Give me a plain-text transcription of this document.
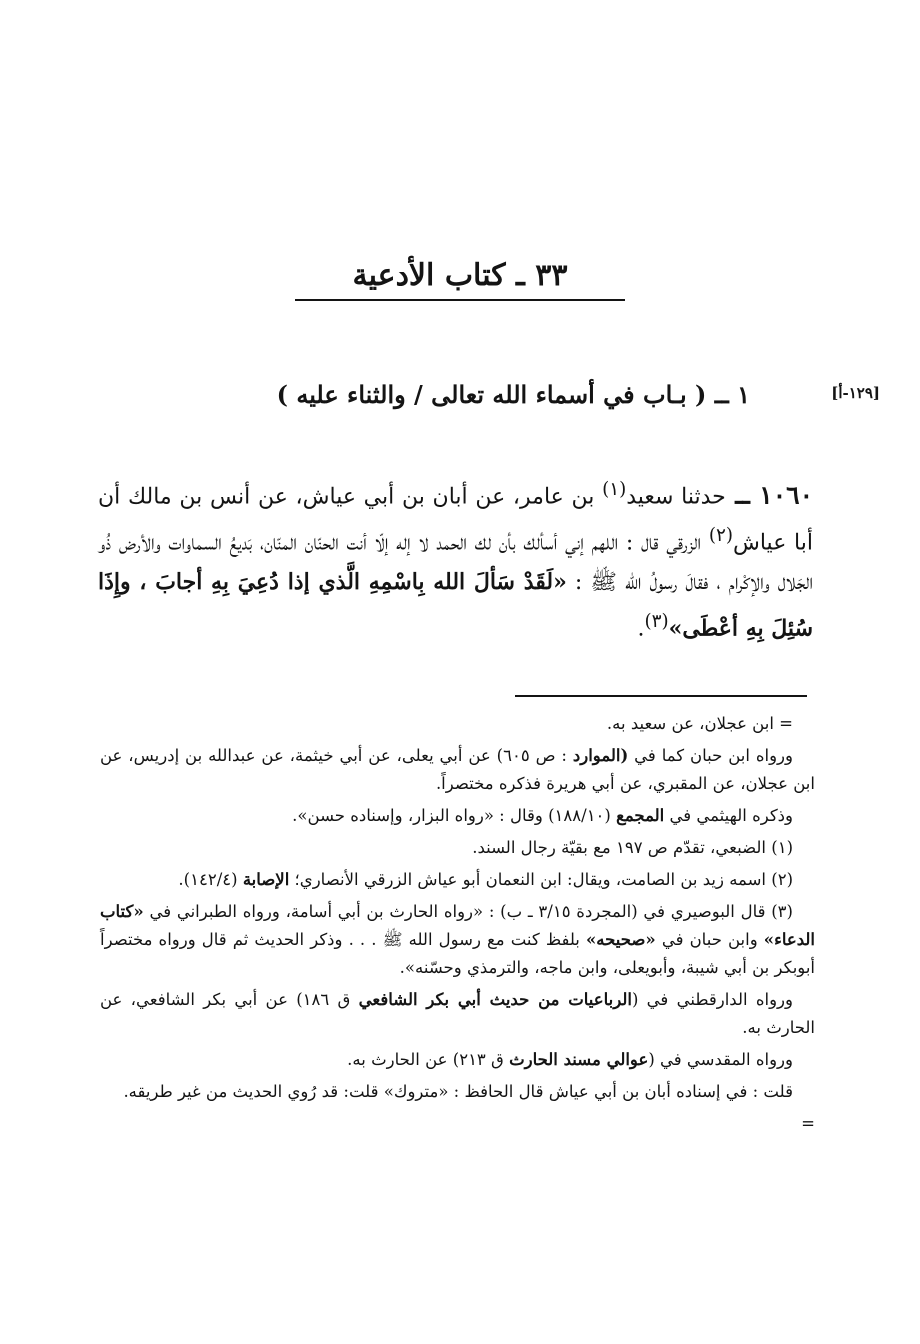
٣٣ ـ كتاب الأدعية
١ ــ ( بـاب في أسماء الله تعالى / والثناء عليه )	[١٢٩-أ]
١٠٦٠ ــ حدثنا سعيد$^{(١)}$ بن عامر، عن أبان بن أبي عياش، عن أنس بن مالك أن أبا عياش$^{(٢)}$ الزرقي قال : اللهم إني أسألك بأن لك الحمد لا إله إلّا أنت الحنّان المنّان، بَديعُ السماوات والأرض ذُو الجَلال والإكْرام ، فقالَ رسولُ الله ﷺ : «لَقَدْ سَألَ الله بِاسْمِهِ الَّذي إذا دُعِيَ بِهِ أجابَ ، وإِذَا سُئِلَ بِهِ أعْطَى»$^{(٣)}$.

= ابن عجلان، عن سعيد به.

ورواه ابن حبان كما في (الموارد : ص ٦٠٥) عن أبي يعلى، عن أبي خيثمة، عن عبدالله بن إدريس، عن ابن عجلان، عن المقبري، عن أبي هريرة فذكره مختصراً.

وذكره الهيثمي في المجمع (١٨٨/١٠) وقال : «رواه البزار، وإسناده حسن».

(١) الضبعي، تقدّم ص ١٩٧ مع بقيّة رجال السند.

(٢) اسمه زيد بن الصامت، ويقال: ابن النعمان أبو عياش الزرقي الأنصاري؛ الإصابة (١٤٢/٤).

(٣) قال البوصيري في (المجردة ٣/١٥ ـ ب) : «رواه الحارث بن أبي أسامة، ورواه الطبراني في «كتاب الدعاء» وابن حبان في «صحيحه» بلفظ كنت مع رسول الله ﷺ . . . وذكر الحديث ثم قال ورواه مختصراً أبوبكر بن أبي شيبة، وأبويعلى، وابن ماجه، والترمذي وحسّنه».

ورواه الدارقطني في (الرباعيات من حديث أبي بكر الشافعي ق ١٨٦) عن أبي بكر الشافعي، عن الحارث به.

ورواه المقدسي في (عوالي مسند الحارث ق ٢١٣) عن الحارث به.

قلت : في إسناده أبان بن أبي عياش قال الحافظ : «متروك» قلت: قد رُوي الحديث من غير طريقه.

=
